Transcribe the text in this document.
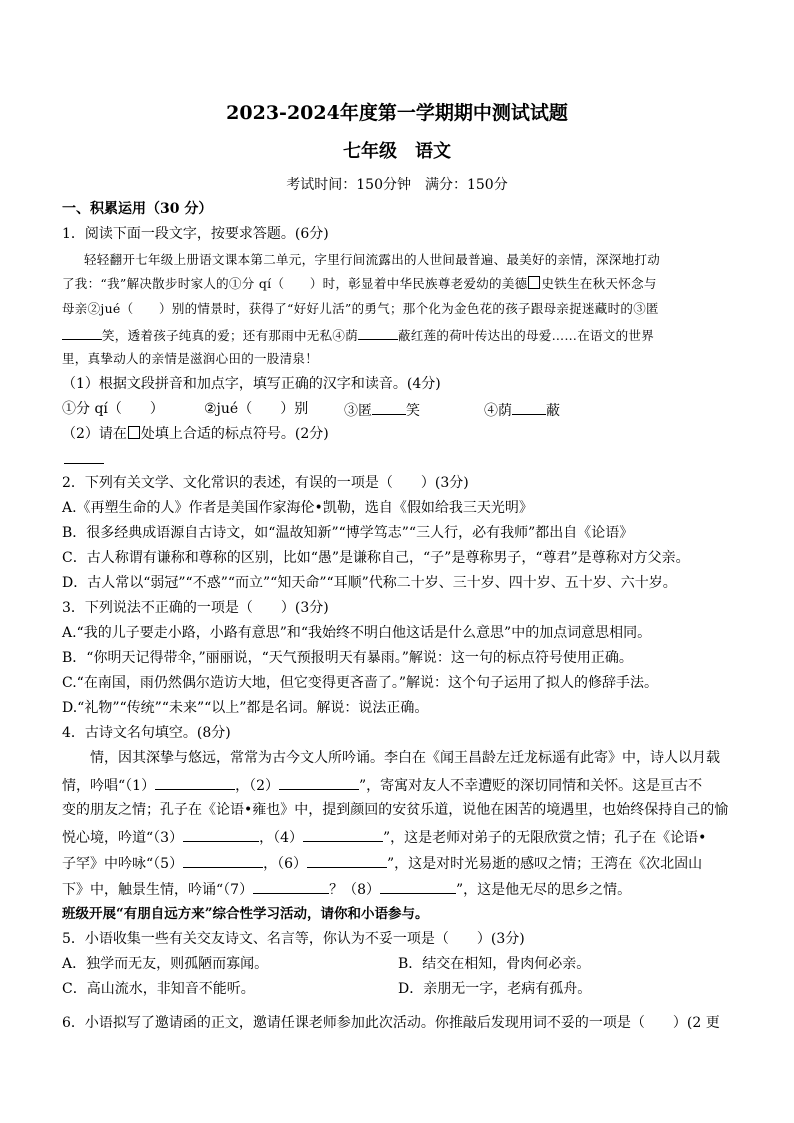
2023-2024年度第一学期期中测试试题
七年级　语文
考试时间：150分钟　满分：150分
一、积累运用（30 分）
1．阅读下面一段文字，按要求答题。(6分)
轻轻翻开七年级上册语文课本第二单元，字里行间流露出的人世间最普遍、最美好的亲情，深深地打动
了我：“我”解决散步时家人的①分 qí（　　）时，彰显着中华民族尊老爱幼的美德 史铁生在秋天怀念与
母亲②jué（　　）别的情景时，获得了“好好儿活”的勇气；那个化为金色花的孩子跟母亲捉迷藏时的③匿
笑，透着孩子纯真的爱；还有那雨中无私④荫	蔽红莲的荷叶传达出的母爱……在语文的世界
里，真挚动人的亲情是滋润心田的一股清泉！
（1）根据文段拼音和加点字，填写正确的汉字和读音。(4分)
①分 qí（　　）	②jué（　　）别	③匿 笑	④荫 蔽
（2）请在 处填上合适的标点符号。(2分)
2．下列有关文学、文化常识的表述，有误的一项是（　　）(3分)
A.《再塑生命的人》作者是美国作家海伦•凯勒，选自《假如给我三天光明》
B．很多经典成语源自古诗文，如“温故知新”“博学笃志”“三人行，必有我师”都出自《论语》
C．古人称谓有谦称和尊称的区别，比如“愚”是谦称自己，“子”是尊称男子，“尊君”是尊称对方父亲。
D．古人常以“弱冠”“不惑”“而立”“知天命”“耳顺”代称二十岁、三十岁、四十岁、五十岁、六十岁。
3．下列说法不正确的一项是（　　）(3分)
A.“我的儿子要走小路，小路有意思”和“我始终不明白他这话是什么意思”中的加点词意思相同。
B．“你明天记得带伞，”丽丽说，“天气预报明天有暴雨。”解说：这一句的标点符号使用正确。
C.“在南国，雨仍然偶尔造访大地，但它变得更吝啬了。”解说：这个句子运用了拟人的修辞手法。
D.“礼物”“传统”“未来”“以上”都是名词。解说：说法正确。
4．古诗文名句填空。(8分)
情，因其深挚与悠远，常常为古今文人所吟诵。李白在《闻王昌龄左迁龙标遥有此寄》中，诗人以月载
情，吟唱“（1）	，（2）	”，寄寓对友人不幸遭贬的深切同情和关怀。这是亘古不
变的朋友之情；孔子在《论语•雍也》中，提到颜回的安贫乐道，说他在困苦的境遇里，也始终保持自己的愉
悦心境，吟道“（3）	，（4）	”，这是老师对弟子的无限欣赏之情；孔子在《论语•
子罕》中吟咏“（5）	，（6）	”，这是对时光易逝的感叹之情；王湾在《次北固山
下》中，触景生情，吟诵“（7）	？（8）	”，这是他无尽的思乡之情。
班级开展“有朋自远方来”综合性学习活动，请你和小语参与。
5．小语收集一些有关交友诗文、名言等，你认为不妥一项是（　　）(3分)
A．独学而无友，则孤陋而寡闻。	B．结交在相知，骨肉何必亲。
C．高山流水，非知音不能听。	D．亲朋无一字，老病有孤舟。
6．小语拟写了邀请函的正文，邀请任课老师参加此次活动。你推敲后发现用词不妥的一项是（　　）(2 更
